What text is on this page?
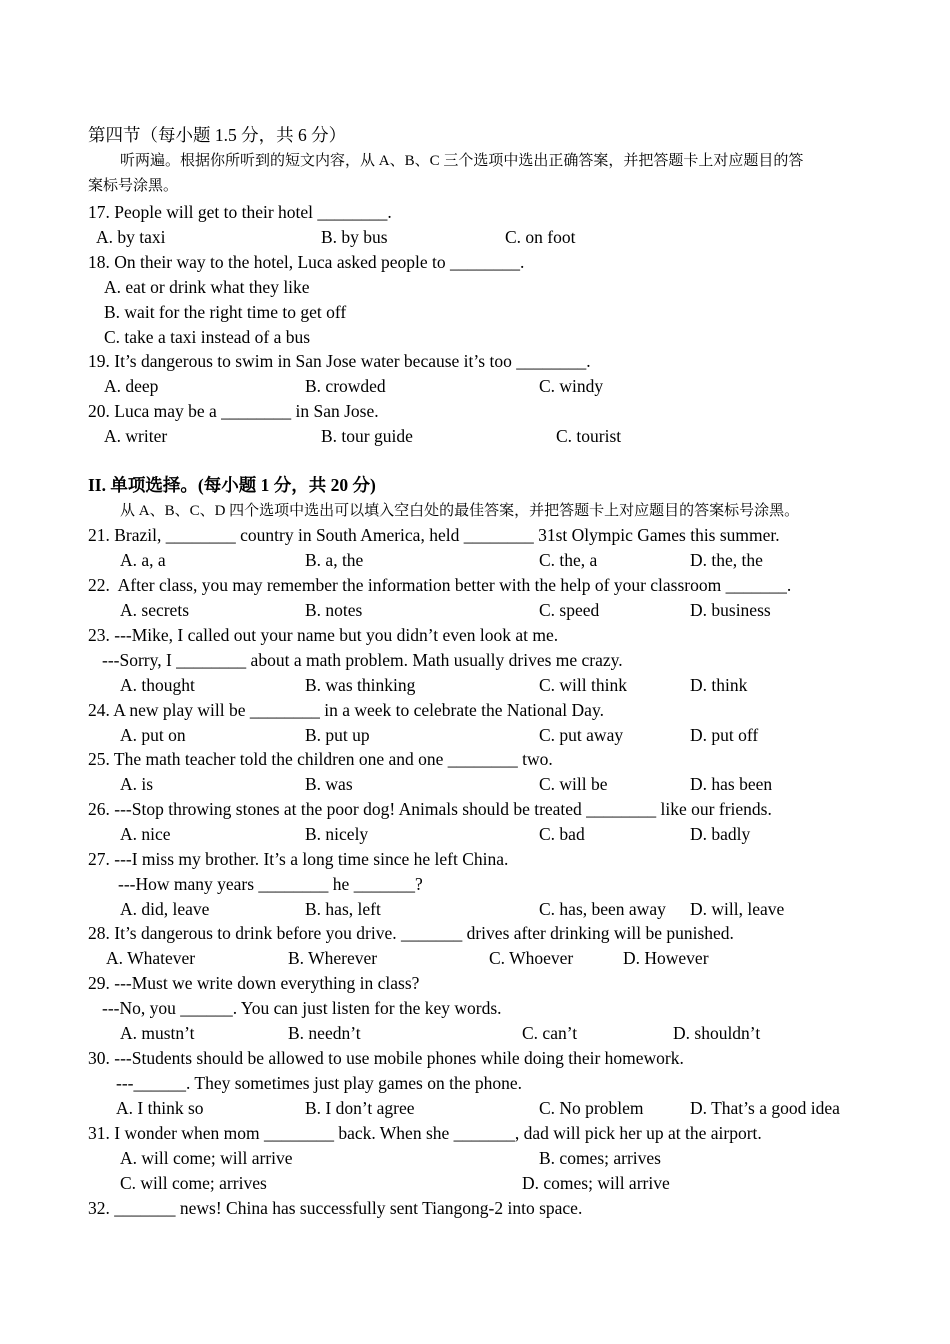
第四节（每小题 1.5 分，共 6 分）
听两遍。根据你所听到的短文内容，从 A、B、C 三个选项中选出正确答案，并把答题卡上对应题目的答
案标号涂黑。
17. People will get to their hotel ________.
A. by taxi	B. by bus	C. on foot
18. On their way to the hotel, Luca asked people to ________.
A. eat or drink what they like
B. wait for the right time to get off
C. take a taxi instead of a bus
19. It’s dangerous to swim in San Jose water because it’s too ________.
A. deep	B. crowded	C. windy
20. Luca may be a ________ in San Jose.
A. writer	B. tour guide	C. tourist
II. 单项选择。(每小题 1 分，共 20 分)
从 A、B、C、D 四个选项中选出可以填入空白处的最佳答案，并把答题卡上对应题目的答案标号涂黑。
21. Brazil, ________ country in South America, held ________ 31st Olympic Games this summer.
A. a, a	B. a, the	C. the, a	D. the, the
22.  After class, you may remember the information better with the help of your classroom _______.
A. secrets	B. notes	C. speed	D. business
23. ---Mike, I called out your name but you didn’t even look at me.
---Sorry, I ________ about a math problem. Math usually drives me crazy.
A. thought	B. was thinking	C. will think	D. think
24. A new play will be ________ in a week to celebrate the National Day.
A. put on	B. put up	C. put away	D. put off
25. The math teacher told the children one and one ________ two.
A. is	B. was	C. will be	D. has been
26. ---Stop throwing stones at the poor dog! Animals should be treated ________ like our friends.
A. nice	B. nicely	C. bad	D. badly
27. ---I miss my brother. It’s a long time since he left China.
---How many years ________ he _______?
A. did, leave	B. has, left	C. has, been away D. will, leave
28. It’s dangerous to drink before you drive. _______ drives after drinking will be punished.
A. Whatever	B. Wherever	C. Whoever	D. However
29. ---Must we write down everything in class?
---No, you ______. You can just listen for the key words.
A. mustn’t	B. needn’t	C. can’t	D. shouldn’t
30. ---Students should be allowed to use mobile phones while doing their homework.
---______. They sometimes just play games on the phone.
A. I think so	B. I don’t agree	C. No problem	D. That’s a good idea
31. I wonder when mom ________ back. When she _______, dad will pick her up at the airport.
A. will come; will arrive	B. comes; arrives
C. will come; arrives	D. comes; will arrive
32. _______ news! China has successfully sent Tiangong-2 into space.
